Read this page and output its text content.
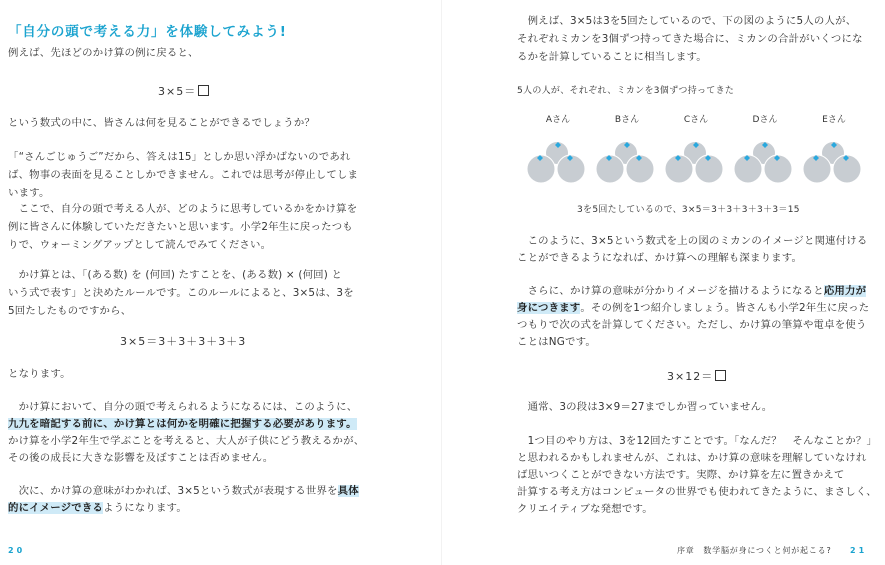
「自分の頭で考える力」を体験してみよう!

例えば、先ほどのかけ算の例に戻ると、

3×5＝

という数式の中に、皆さんは何を見ることができるでしょうか？

「“さんごじゅうご”だから、答えは15」としか思い浮かばないのであれ

ば、物事の表面を見ることしかできません。これでは思考が停止してしま

います。

　ここで、自分の頭で考える人が、どのように思考しているかをかけ算を

例に皆さんに体験していただきたいと思います。小学2年生に戻ったつも

りで、ウォーミングアップとして読んでみてください。

　かけ算とは、「(ある数) を (何回) たすことを、(ある数) × (何回) と

いう式で表す」と決めたルールです。このルールによると、3×5は、3を

5回たしたものですから、

3×5＝3＋3＋3＋3＋3

となります。

　かけ算において、自分の頭で考えられるようになるには、このように、

九九を暗記する前に、かけ算とは何かを明確に把握する必要があります。

かけ算を小学2年生で学ぶことを考えると、大人が子供にどう教えるかが、

その後の成長に大きな影響を及ぼすことは否めません。

　次に、かけ算の意味がわかれば、3×5という数式が表現する世界を具体

的にイメージできるようになります。

20

　例えば、3×5は3を5回たしているので、下の図のように5人の人が、

それぞれミカンを3個ずつ持ってきた場合に、ミカンの合計がいくつにな

るかを計算していることに相当します。

5人の人が、それぞれ、ミカンを3個ずつ持ってきた
Aさん	Bさん	Cさん	Dさん	Eさん
3を5回たしているので、3×5＝3＋3＋3＋3＋3＝15

　このように、3×5という数式を上の図のミカンのイメージと関連付ける

ことができるようになれば、かけ算への理解も深まります。

　さらに、かけ算の意味が分かりイメージを描けるようになると応用力が

身につきます。その例を1つ紹介しましょう。皆さんも小学2年生に戻った

つもりで次の式を計算してください。ただし、かけ算の筆算や電卓を使う

ことはNGです。

3×12＝

　通常、3の段は3×9＝27までしか習っていません。

　1つ目のやり方は、3を12回たすことです。「なんだ？　そんなことか？」

と思われるかもしれませんが、これは、かけ算の意味を理解していなけれ

ば思いつくことができない方法です。実際、かけ算を左に置きかえて

計算する考え方はコンピュータの世界でも使われてきたように、まさしく、

クリエイティブな発想です。

序章　数学脳が身につくと何が起こる? 21
